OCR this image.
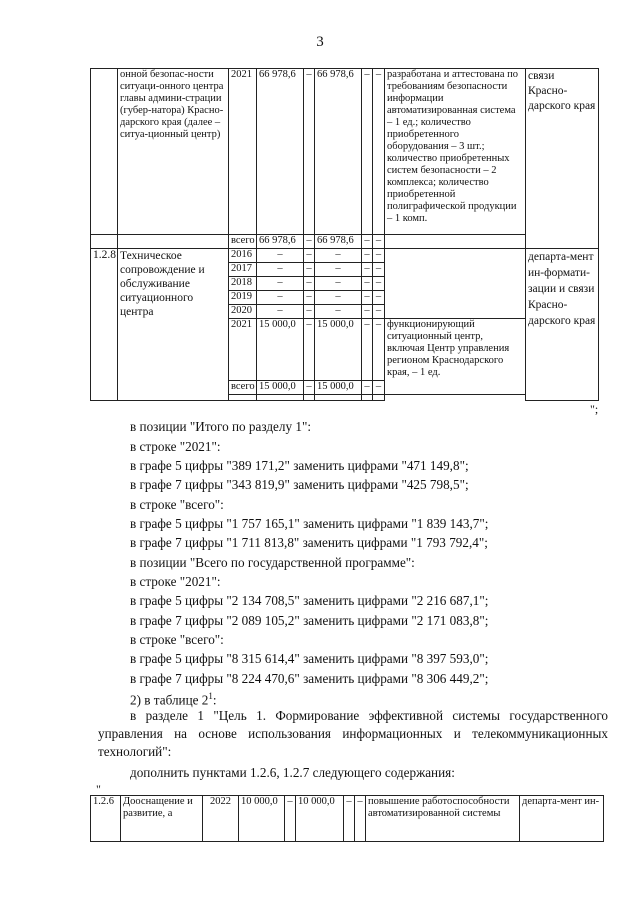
3
	онной безопас-ности ситуаци-онного центра главы админи-страции (губер-натора) Красно-дарского края (далее – ситуа-ционный центр)	2021	66 978,6	–	66 978,6	–	–	разработана и аттестована по требованиям безопасности информации автоматизированная система – 1 ед.; количество приобретенного оборудования – 3 шт.; количество приобретенных систем безопасности – 2 комплекса; количество приобретенной полиграфической продукции – 1 комп.	связи Красно-дарского края
		всего	66 978,6	–	66 978,6	–	–		
1.2.8	Техническое сопровождение и обслуживание ситуационного центра	2016	–	–	–	–	–		департа-мент ин-формати-зации и связи Красно-дарского края
		2017	–	–	–	–	–		
		2018	–	–	–	–	–		
		2019	–	–	–	–	–		
		2020	–	–	–	–	–		
		2021	15 000,0	–	15 000,0	–	–	функционирующий ситуационный центр, включая Центр управления регионом Краснодарского края, – 1 ед.	
		всего	15 000,0	–	15 000,0	–	–		

";
в позиции "Итого по разделу 1":
в строке "2021":
в графе 5 цифры "389 171,2" заменить цифрами "471 149,8";
в графе 7 цифры "343 819,9" заменить цифрами "425 798,5";
в строке "всего":
в графе 5 цифры "1 757 165,1" заменить цифрами "1 839 143,7";
в графе 7 цифры "1 711 813,8" заменить цифрами "1 793 792,4";
в позиции "Всего по государственной программе":
в строке "2021":
в графе 5 цифры "2 134 708,5" заменить цифрами "2 216 687,1";
в графе 7 цифры "2 089 105,2" заменить цифрами "2 171 083,8";
в строке "всего":
в графе 5 цифры "8 315 614,4" заменить цифрами "8 397 593,0";
в графе 7 цифры "8 224 470,6" заменить цифрами "8 306 449,2";
2) в таблице $2^1$:
в разделе 1 "Цель 1. Формирование эффективной системы государственного управления на основе использования информационных и телекоммуникационных технологий":
дополнить пунктами 1.2.6, 1.2.7 следующего содержания:
"
1.2.6	Дооснащение и развитие, а	2022	10 000,0	–	10 000,0	–	–	повышение работоспособности автоматизированной системы	департа-мент ин-
